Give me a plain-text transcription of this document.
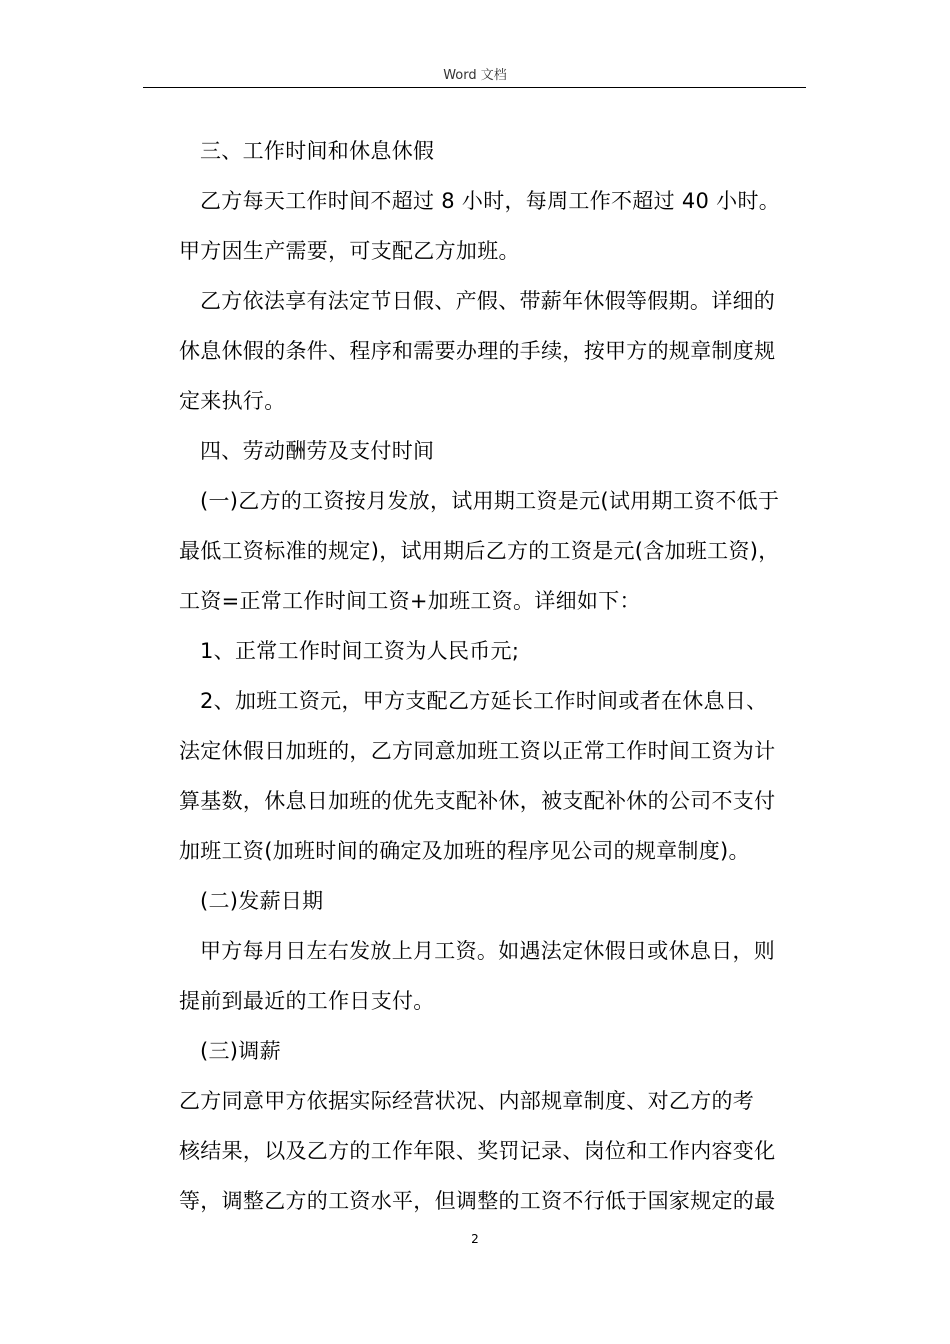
Word 文档
三、工作时间和休息休假
乙方每天工作时间不超过 8 小时，每周工作不超过 40 小时。
甲方因生产需要，可支配乙方加班。
乙方依法享有法定节日假、产假、带薪年休假等假期。详细的
休息休假的条件、程序和需要办理的手续，按甲方的规章制度规
定来执行。
四、劳动酬劳及支付时间
(一)乙方的工资按月发放，试用期工资是元(试用期工资不低于
最低工资标准的规定)，试用期后乙方的工资是元(含加班工资)，
工资=正常工作时间工资+加班工资。详细如下：
1、正常工作时间工资为人民币元;
2、加班工资元，甲方支配乙方延长工作时间或者在休息日、
法定休假日加班的，乙方同意加班工资以正常工作时间工资为计
算基数，休息日加班的优先支配补休，被支配补休的公司不支付
加班工资(加班时间的确定及加班的程序见公司的规章制度)。
(二)发薪日期
甲方每月日左右发放上月工资。如遇法定休假日或休息日，则
提前到最近的工作日支付。
(三)调薪
乙方同意甲方依据实际经营状况、内部规章制度、对乙方的考
核结果，以及乙方的工作年限、奖罚记录、岗位和工作内容变化
等，调整乙方的工资水平，但调整的工资不行低于国家规定的最
2
